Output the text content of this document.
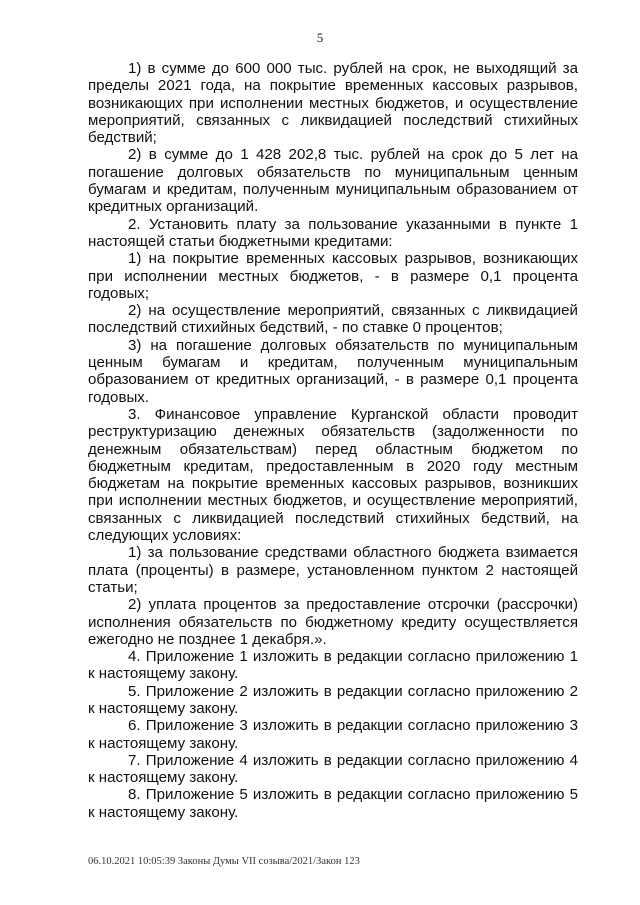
5

1) в сумме до 600 000 тыс. рублей на срок, не выходящий за пределы 2021 года, на покрытие временных кассовых разрывов, возникающих при исполнении местных бюджетов, и осуществление мероприятий, связанных с ликвидацией последствий стихийных бедствий;

2) в сумме до 1 428 202,8 тыс. рублей на срок до 5 лет на погашение долговых обязательств по муниципальным ценным бумагам и кредитам, полученным муниципальным образованием от кредитных организаций.

2. Установить плату за пользование указанными в пункте 1 настоящей статьи бюджетными кредитами:

1) на покрытие временных кассовых разрывов, возникающих при исполнении местных бюджетов, - в размере 0,1 процента годовых;

2) на осуществление мероприятий, связанных с ликвидацией последствий стихийных бедствий, - по ставке 0 процентов;

3) на погашение долговых обязательств по муниципальным ценным бумагам и кредитам, полученным муниципальным образованием от кредитных организаций, - в размере 0,1 процента годовых.

3. Финансовое управление Курганской области проводит реструктуризацию денежных обязательств (задолженности по денежным обязательствам) перед областным бюджетом по бюджетным кредитам, предоставленным в 2020 году местным бюджетам на покрытие временных кассовых разрывов, возникших при исполнении местных бюджетов, и осуществление мероприятий, связанных с ликвидацией последствий стихийных бедствий, на следующих условиях:

1) за пользование средствами областного бюджета взимается плата (проценты) в размере, установленном пунктом 2 настоящей статьи;

2) уплата процентов за предоставление отсрочки (рассрочки) исполнения обязательств по бюджетному кредиту осуществляется ежегодно не позднее 1 декабря.».

4. Приложение 1 изложить в редакции согласно приложению 1 к настоящему закону.

5. Приложение 2 изложить в редакции согласно приложению 2 к настоящему закону.

6. Приложение 3 изложить в редакции согласно приложению 3 к настоящему закону.

7. Приложение 4 изложить в редакции согласно приложению 4 к настоящему закону.

8. Приложение 5 изложить в редакции согласно приложению 5 к настоящему закону.

06.10.2021 10:05:39 Законы Думы VII созыва/2021/Закон 123
